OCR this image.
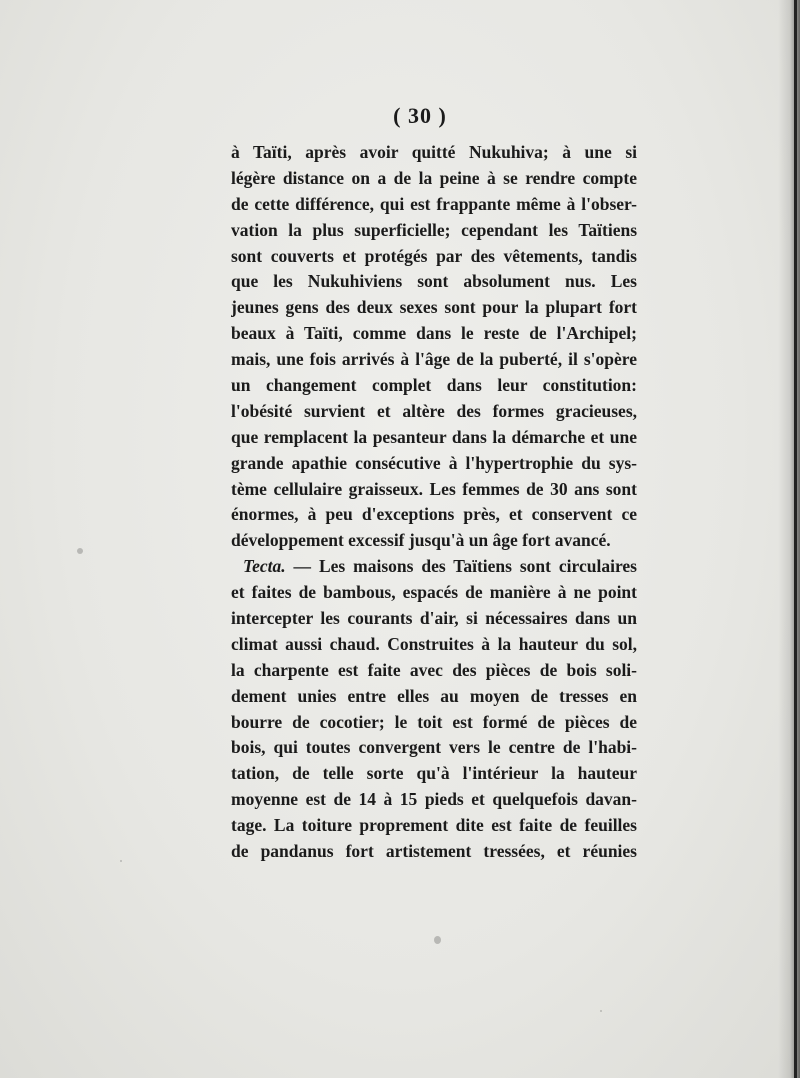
( 30 )
à Taïti, après avoir quitté Nukuhiva; à une si
légère distance on a de la peine à se rendre compte
de cette différence, qui est frappante même à l'obser-
vation la plus superficielle; cependant les Taïtiens
sont couverts et protégés par des vêtements, tandis
que les Nukuhiviens sont absolument nus. Les
jeunes gens des deux sexes sont pour la plupart fort
beaux à Taïti, comme dans le reste de l'Archipel;
mais, une fois arrivés à l'âge de la puberté, il s'opère
un changement complet dans leur constitution:
l'obésité survient et altère des formes gracieuses,
que remplacent la pesanteur dans la démarche et une
grande apathie consécutive à l'hypertrophie du sys-
tème cellulaire graisseux. Les femmes de 30 ans sont
énormes, à peu d'exceptions près, et conservent ce
développement excessif jusqu'à un âge fort avancé.
Tecta. — Les maisons des Taïtiens sont circulaires
et faites de bambous, espacés de manière à ne point
intercepter les courants d'air, si nécessaires dans un
climat aussi chaud. Construites à la hauteur du sol,
la charpente est faite avec des pièces de bois soli-
dement unies entre elles au moyen de tresses en
bourre de cocotier; le toit est formé de pièces de
bois, qui toutes convergent vers le centre de l'habi-
tation, de telle sorte qu'à l'intérieur la hauteur
moyenne est de 14 à 15 pieds et quelquefois davan-
tage. La toiture proprement dite est faite de feuilles
de pandanus fort artistement tressées, et réunies
